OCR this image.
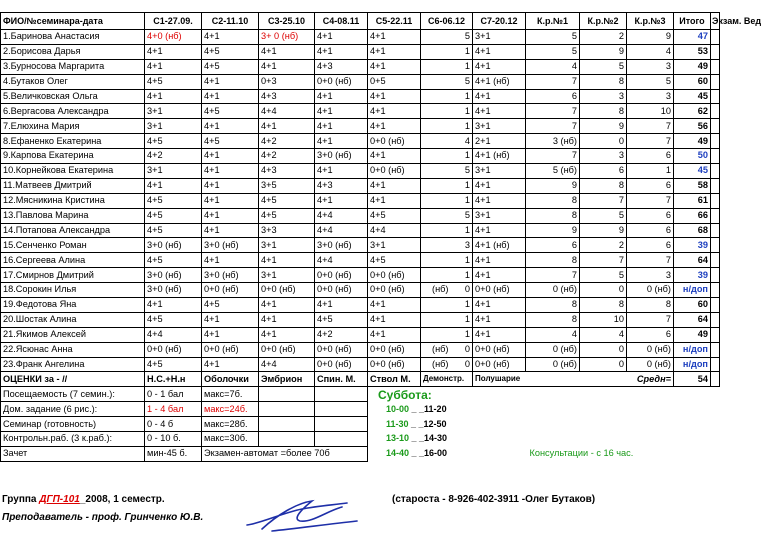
ФИО/№семинара-дата	С1-27.09.	С2-11.10	С3-25.10	С4-08.11	С5-22.11	С6-06.12		С7-20.12	К.р.№1	К.р.№2	К.р.№3	Итого	Экзам. Вед
1.Баринова Анастасия	4+0 (нб)	4+1	3+ 0 (нб)	4+1	4+1		5	3+1	5	2	9	47	
2.Борисова Дарья	4+1	4+5	4+1	4+1	4+1		1	4+1	5	9	4	53	
3.Бурносова Маргарита	4+1	4+5	4+1	4+3	4+1		1	4+1	4	5	3	49	
4.Бутаков Олег	4+5	4+1	0+3	0+0 (нб)	0+5		5	4+1 (нб)	7	8	5	60	
5.Величковская Ольга	4+1	4+1	4+3	4+1	4+1		1	4+1	6	3	3	45	
6.Вергасова Александра	3+1	4+5	4+4	4+1	4+1		1	4+1	7	8	10	62	
7.Елюхина Мария	3+1	4+1	4+1	4+1	4+1		1	3+1	7	9	7	56	
8.Ефаненко Екатерина	4+5	4+5	4+2	4+1	0+0 (нб)		4	2+1	3 (нб)	0	7	49	
9.Карпова Екатерина	4+2	4+1	4+2	3+0 (нб)	4+1		1	4+1 (нб)	7	3	6	50	
10.Корнейкова Екатерина	3+1	4+1	4+3	4+1	0+0 (нб)		5	3+1	5 (нб)	6	1	45	
11.Матвеев Дмитрий	4+1	4+1	3+5	4+3	4+1		1	4+1	9	8	6	58	
12.Мясникина Кристина	4+5	4+1	4+5	4+1	4+1		1	4+1	8	7	7	61	
13.Павлова Марина	4+5	4+1	4+5	4+4	4+5		5	3+1	8	5	6	66	
14.Потапова Александра	4+5	4+1	3+3	4+4	4+4		1	4+1	9	9	6	68	
15.Сенченко Роман	3+0 (нб)	3+0 (нб)	3+1	3+0 (нб)	3+1		3	4+1 (нб)	6	2	6	39	
16.Сергеева Алина	4+5	4+1	4+1	4+4	4+5		1	4+1	8	7	7	64	
17.Смирнов Дмитрий	3+0 (нб)	3+0 (нб)	3+1	0+0 (нб)	0+0 (нб)		1	4+1	7	5	3	39	
18.Сорокин Илья	3+0 (нб)	0+0 (нб)	0+0 (нб)	0+0 (нб)	0+0 (нб)	(нб)	0	0+0 (нб)	0 (нб)	0	0 (нб)	н/доп	
19.Федотова Яна	4+1	4+5	4+1	4+1	4+1		1	4+1	8	8	8	60	
20.Шостак Алина	4+5	4+1	4+1	4+5	4+1		1	4+1	8	10	7	64	
21.Якимов Алексей	4+4	4+1	4+1	4+2	4+1		1	4+1	4	4	6	49	
22.Ясюнас Анна	0+0 (нб)	0+0 (нб)	0+0 (нб)	0+0 (нб)	0+0 (нб)	(нб)	0	0+0 (нб)	0 (нб)	0	0 (нб)	н/доп	
23.Франк Ангелина	4+5	4+1	4+4	0+0 (нб)	0+0 (нб)	(нб)	0	0+0 (нб)	0 (нб)	0	0 (нб)	н/доп	
ОЦЕНКИ за - //	Н.С.+Н.н	Оболочки	Эмбрион	Спин. М.	Ствол М.	Демонстр.		Полушарие			Средн=	54	
Посещаемость (7 семин.):	0 - 1 бал	макс=7б.			Суббота:								
Дом. задание (6 рис.):	1 - 4 бал	макс=24б.			10-00 _ _11-20								
Семинар (готовность)	0 - 4 б	макс=28б.			11-30 _ _12-50								
Контрольн.раб. (3 к.раб.):	0 - 10 б.	макс=30б.			13-10 _ _14-30								
Зачет	мин-45 б.	Экзамен-автомат =более 70б			14-40 _ _16-00				Консультации - с 16 час.				
Группа ДГП-101_2008, 1 семестр.	(староста - 8-926-402-3911 -Олег Бутаков)
Преподаватель - проф. Гринченко Ю.В.
